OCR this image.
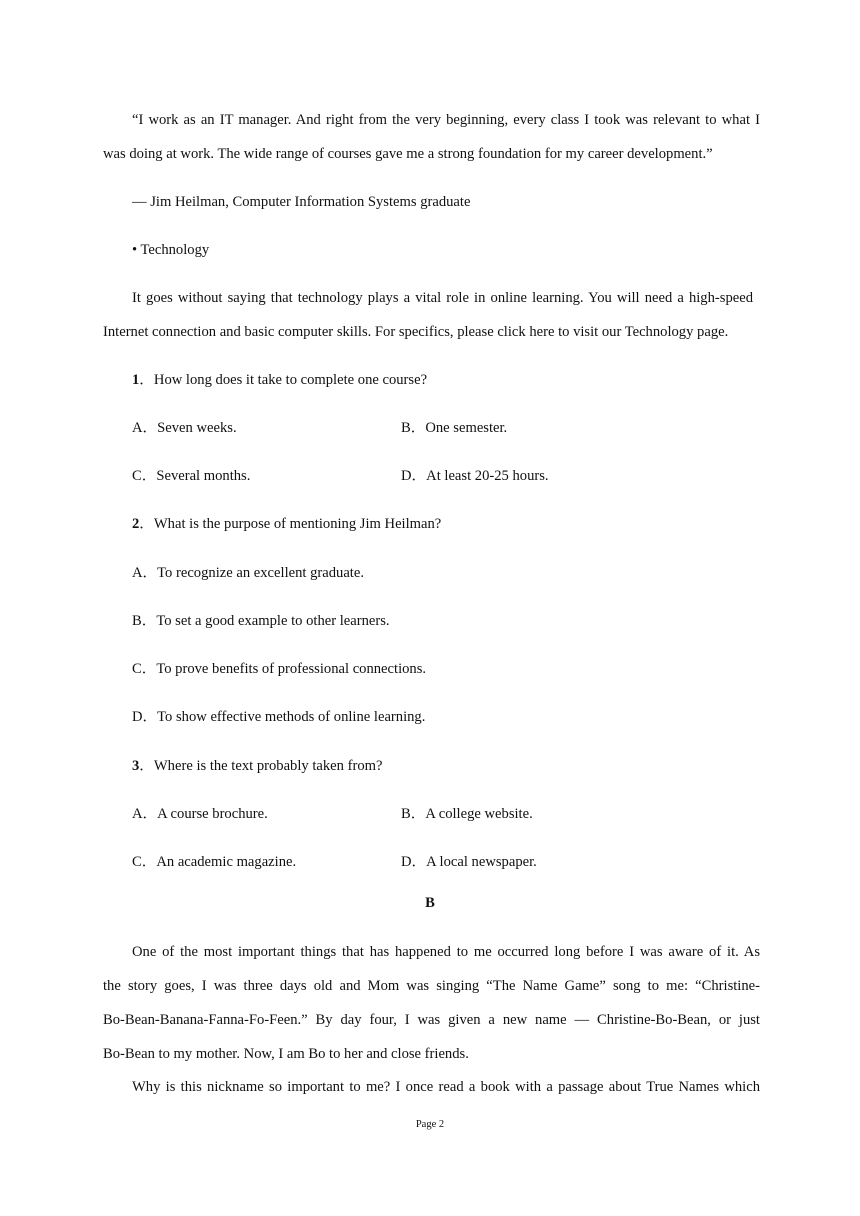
“I work as an IT manager. And right from the very beginning, every class I took was relevant to what I
was doing at work. The wide range of courses gave me a strong foundation for my career development.”
— Jim Heilman, Computer Information Systems graduate
• Technology
It goes without saying that technology plays a vital role in online learning. You will need a high-speed
Internet connection and basic computer skills. For specifics, please click here to visit our Technology page.
1．How long does it take to complete one course?
A．Seven weeks.	B．One semester.
C．Several months.	D．At least 20-25 hours.
2．What is the purpose of mentioning Jim Heilman?
A．To recognize an excellent graduate.
B．To set a good example to other learners.
C．To prove benefits of professional connections.
D．To show effective methods of online learning.
3．Where is the text probably taken from?
A．A course brochure.	B．A college website.
C．An academic magazine.	D．A local newspaper.
B
One of the most important things that has happened to me occurred long before I was aware of it. As
the story goes, I was three days old and Mom was singing “The Name Game” song to me: “Christine-
Bo-Bean-Banana-Fanna-Fo-Feen.” By day four, I was given a new name — Christine-Bo-Bean, or just
Bo-Bean to my mother. Now, I am Bo to her and close friends.
Why is this nickname so important to me? I once read a book with a passage about True Names which
Page 2
